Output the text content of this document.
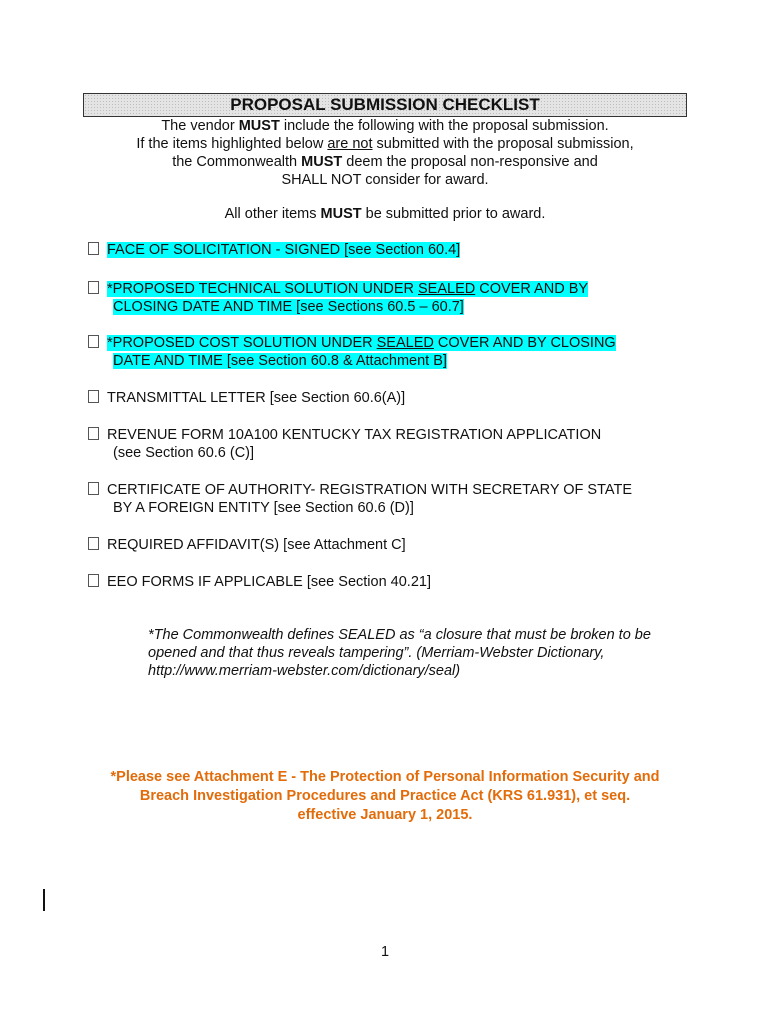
PROPOSAL SUBMISSION CHECKLIST
The vendor MUST include the following with the proposal submission.
If the items highlighted below are not submitted with the proposal submission,
the Commonwealth MUST deem the proposal non-responsive and
SHALL NOT consider for award.
All other items MUST be submitted prior to award.
FACE OF SOLICITATION - SIGNED [see Section 60.4]
*PROPOSED TECHNICAL SOLUTION UNDER SEALED COVER AND BY
CLOSING DATE AND TIME [see Sections 60.5 – 60.7]
*PROPOSED COST SOLUTION UNDER SEALED COVER AND BY CLOSING
DATE AND TIME [see Section 60.8 & Attachment B]
TRANSMITTAL LETTER [see Section 60.6(A)]
REVENUE FORM 10A100 KENTUCKY TAX REGISTRATION APPLICATION
(see Section 60.6 (C)]
CERTIFICATE OF AUTHORITY- REGISTRATION WITH SECRETARY OF STATE
BY A FOREIGN ENTITY [see Section 60.6 (D)]
REQUIRED AFFIDAVIT(S) [see Attachment C]
EEO FORMS IF APPLICABLE [see Section 40.21]
*The Commonwealth defines SEALED as “a closure that must be broken to be
opened and that thus reveals tampering”. (Merriam-Webster Dictionary,
http://www.merriam-webster.com/dictionary/seal)
*Please see Attachment E - The Protection of Personal Information Security and
Breach Investigation Procedures and Practice Act (KRS 61.931), et seq.
effective January 1, 2015.
1
